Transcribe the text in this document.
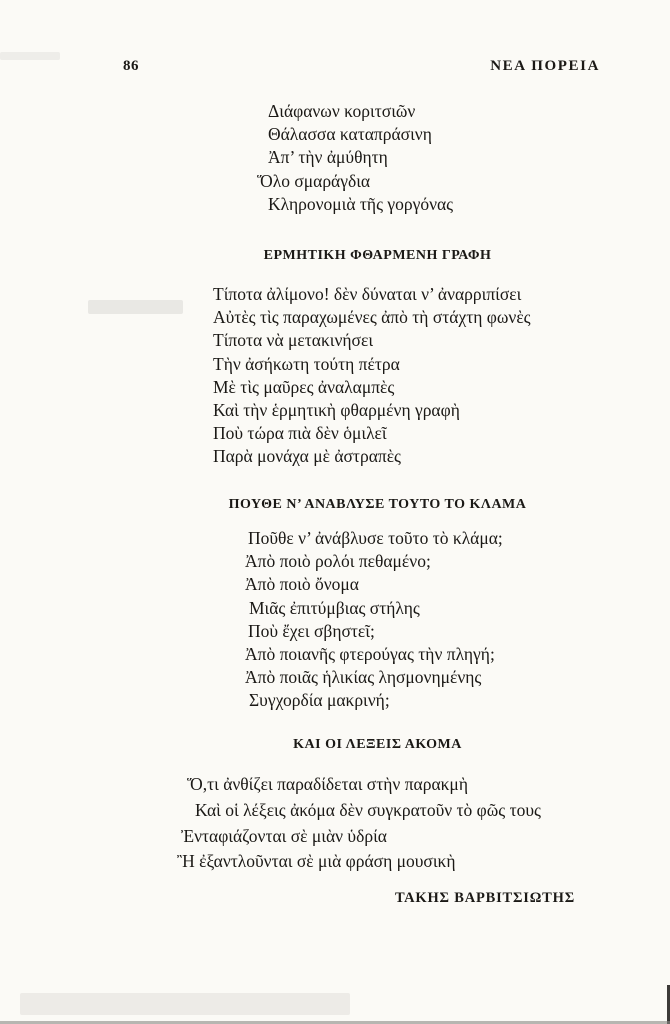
86	ΝΕΑ ΠΟΡΕΙΑ
Διάφανων κοριτσιῶν
Θάλασσα καταπράσινη
Ἀπ’ τὴν ἀμύθητη
Ὅλο σμαράγδια
Κληρονομιὰ τῆς γοργόνας
ΕΡΜΗΤΙΚΗ ΦΘΑΡΜΕΝΗ ΓΡΑΦΗ
Τίποτα ἀλίμονο! δὲν δύναται ν’ ἀναρριπίσει
Αὐτὲς τὶς παραχωμένες ἀπὸ τὴ στάχτη φωνὲς
Τίποτα νὰ μετακινήσει
Τὴν ἀσήκωτη τούτη πέτρα
Μὲ τὶς μαῦρες ἀναλαμπὲς
Καὶ τὴν ἑρμητικὴ φθαρμένη γραφὴ
Ποὺ τώρα πιὰ δὲν ὁμιλεῖ
Παρὰ μονάχα μὲ ἀστραπὲς
ΠΟΥΘΕ Ν’ ΑΝΑΒΛΥΣΕ ΤΟΥΤΟ ΤΟ ΚΛΑΜΑ
Ποῦθε ν’ ἀνάβλυσε τοῦτο τὸ κλάμα;
Ἀπὸ ποιὸ ρολόι πεθαμένο;
Ἀπὸ ποιὸ ὄνομα
Μιᾶς ἐπιτύμβιας στήλης
Ποὺ ἔχει σβηστεῖ;
Ἀπὸ ποιανῆς φτερούγας τὴν πληγή;
Ἀπὸ ποιᾶς ἡλικίας λησμονημένης
Συγχορδία μακρινή;
ΚΑΙ ΟΙ ΛΕΞΕΙΣ ΑΚΟΜΑ
Ὅ,τι ἀνθίζει παραδίδεται στὴν παρακμὴ
Καὶ οἱ λέξεις ἀκόμα δὲν συγκρατοῦν τὸ φῶς τους
Ἐνταφιάζονται σὲ μιὰν ὑδρία
Ἢ ἐξαντλοῦνται σὲ μιὰ φράση μουσικὴ
ΤΑΚΗΣ ΒΑΡΒΙΤΣΙΩΤΗΣ
